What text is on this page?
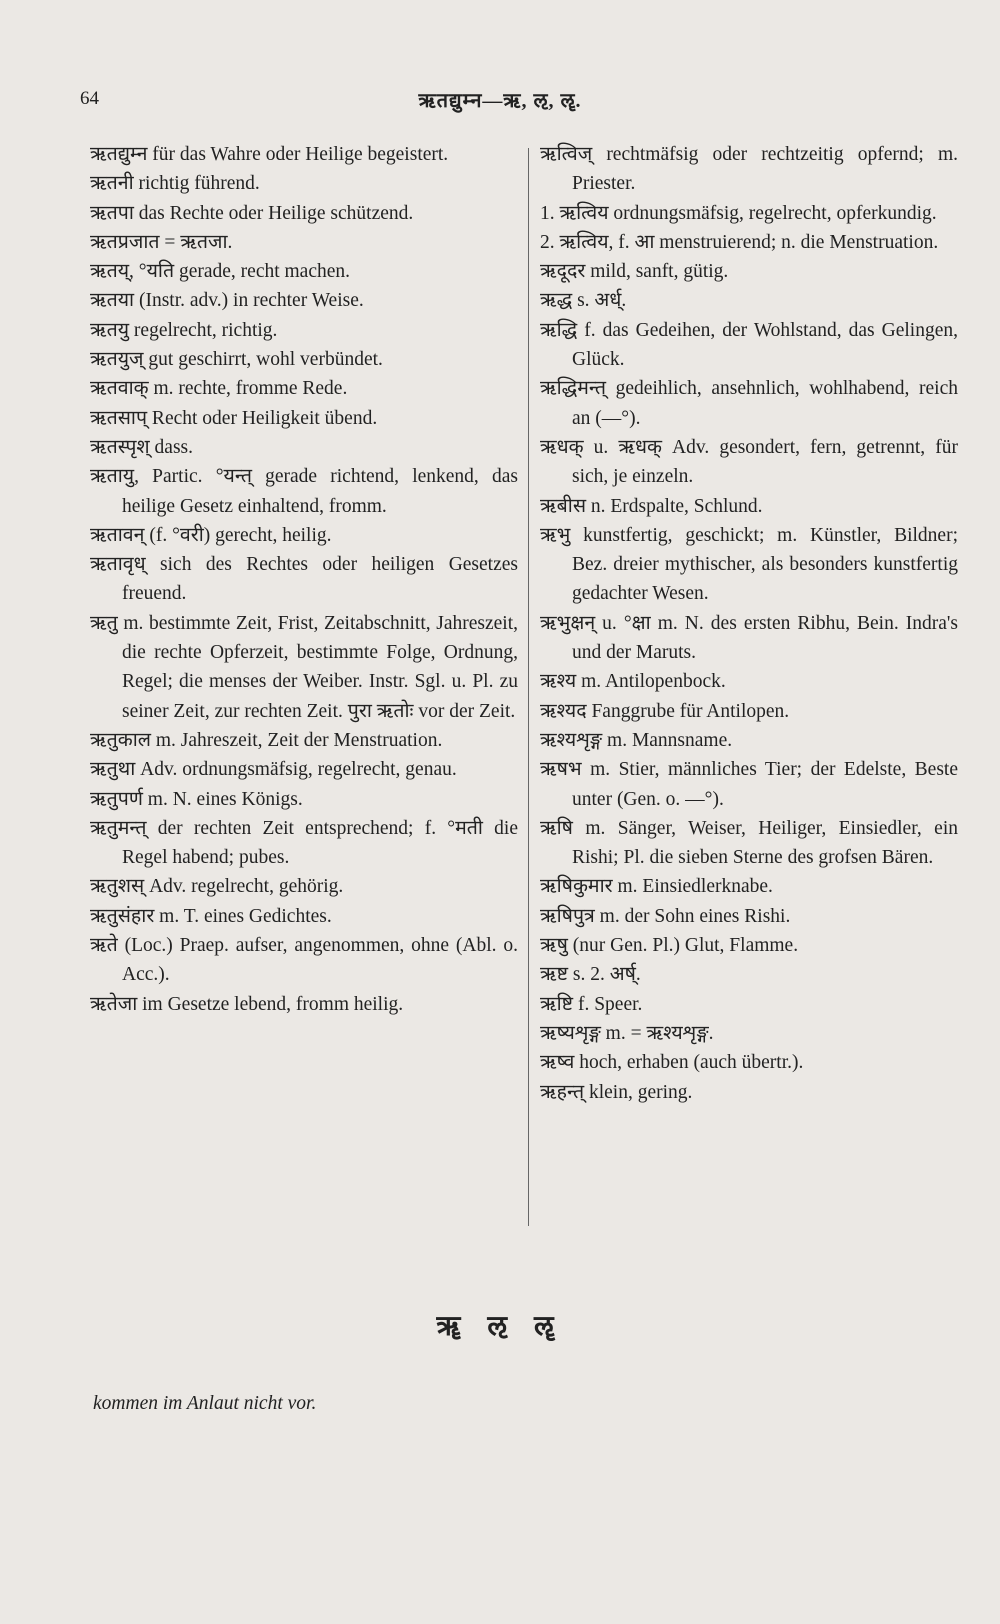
64	ऋतद्युम्न—ऋ, ऌ, ॡ.

ऋतद्युम्न für das Wahre oder Heilige begeistert.

ऋतनी richtig führend.

ऋतपा das Rechte oder Heilige schützend.

ऋतप्रजात = ऋतजा.

ऋतय्, °यति gerade, recht machen.

ऋतया (Instr. adv.) in rechter Weise.

ऋतयु regelrecht, richtig.

ऋतयुज् gut geschirrt, wohl verbündet.

ऋतवाक् m. rechte, fromme Rede.

ऋतसाप् Recht oder Heiligkeit übend.

ऋतस्पृश् dass.

ऋतायु, Partic. °यन्त् gerade richtend, lenkend, das heilige Gesetz einhaltend, fromm.

ऋतावन् (f. °वरी) gerecht, heilig.

ऋतावृध् sich des Rechtes oder heiligen Gesetzes freuend.

ऋतु m. bestimmte Zeit, Frist, Zeitabschnitt, Jahreszeit, die rechte Opferzeit, bestimmte Folge, Ordnung, Regel; die menses der Weiber. Instr. Sgl. u. Pl. zu seiner Zeit, zur rechten Zeit. पुरा ऋतोः vor der Zeit.

ऋतुकाल m. Jahreszeit, Zeit der Menstruation.

ऋतुथा Adv. ordnungsmäfsig, regelrecht, genau.

ऋतुपर्ण m. N. eines Königs.

ऋतुमन्त् der rechten Zeit entsprechend; f. °मती die Regel habend; pubes.

ऋतुशस् Adv. regelrecht, gehörig.

ऋतुसंहार m. T. eines Gedichtes.

ऋते (Loc.) Praep. aufser, angenommen, ohne (Abl. o. Acc.).

ऋतेजा im Gesetze lebend, fromm heilig.

ऋत्विज् rechtmäfsig oder rechtzeitig opfernd; m. Priester.

1. ऋत्विय ordnungsmäfsig, regelrecht, opferkundig.

2. ऋत्विय, f. आ menstruierend; n. die Menstruation.

ऋदूदर mild, sanft, gütig.

ऋद्ध s. अर्ध्.

ऋद्धि f. das Gedeihen, der Wohlstand, das Gelingen, Glück.

ऋद्धिमन्त् gedeihlich, ansehnlich, wohlhabend, reich an (—°).

ऋधक् u. ऋधक् Adv. gesondert, fern, getrennt, für sich, je einzeln.

ऋबीस n. Erdspalte, Schlund.

ऋभु kunstfertig, geschickt; m. Künstler, Bildner; Bez. dreier mythischer, als besonders kunstfertig gedachter Wesen.

ऋभुक्षन् u. °क्षा m. N. des ersten Ribhu, Bein. Indra's und der Maruts.

ऋश्य m. Antilopenbock.

ऋश्यद Fanggrube für Antilopen.

ऋश्यशृङ्ग m. Mannsname.

ऋषभ m. Stier, männliches Tier; der Edelste, Beste unter (Gen. o. —°).

ऋषि m. Sänger, Weiser, Heiliger, Einsiedler, ein Rishi; Pl. die sieben Sterne des grofsen Bären.

ऋषिकुमार m. Einsiedlerknabe.

ऋषिपुत्र m. der Sohn eines Rishi.

ऋषु (nur Gen. Pl.) Glut, Flamme.

ऋष्ट s. 2. अर्ष्.

ऋष्टि f. Speer.

ऋष्यशृङ्ग m. = ऋश्यशृङ्ग.

ऋष्व hoch, erhaben (auch übertr.).

ऋहन्त् klein, gering.

ॠ ऌ ॡ
kommen im Anlaut nicht vor.
